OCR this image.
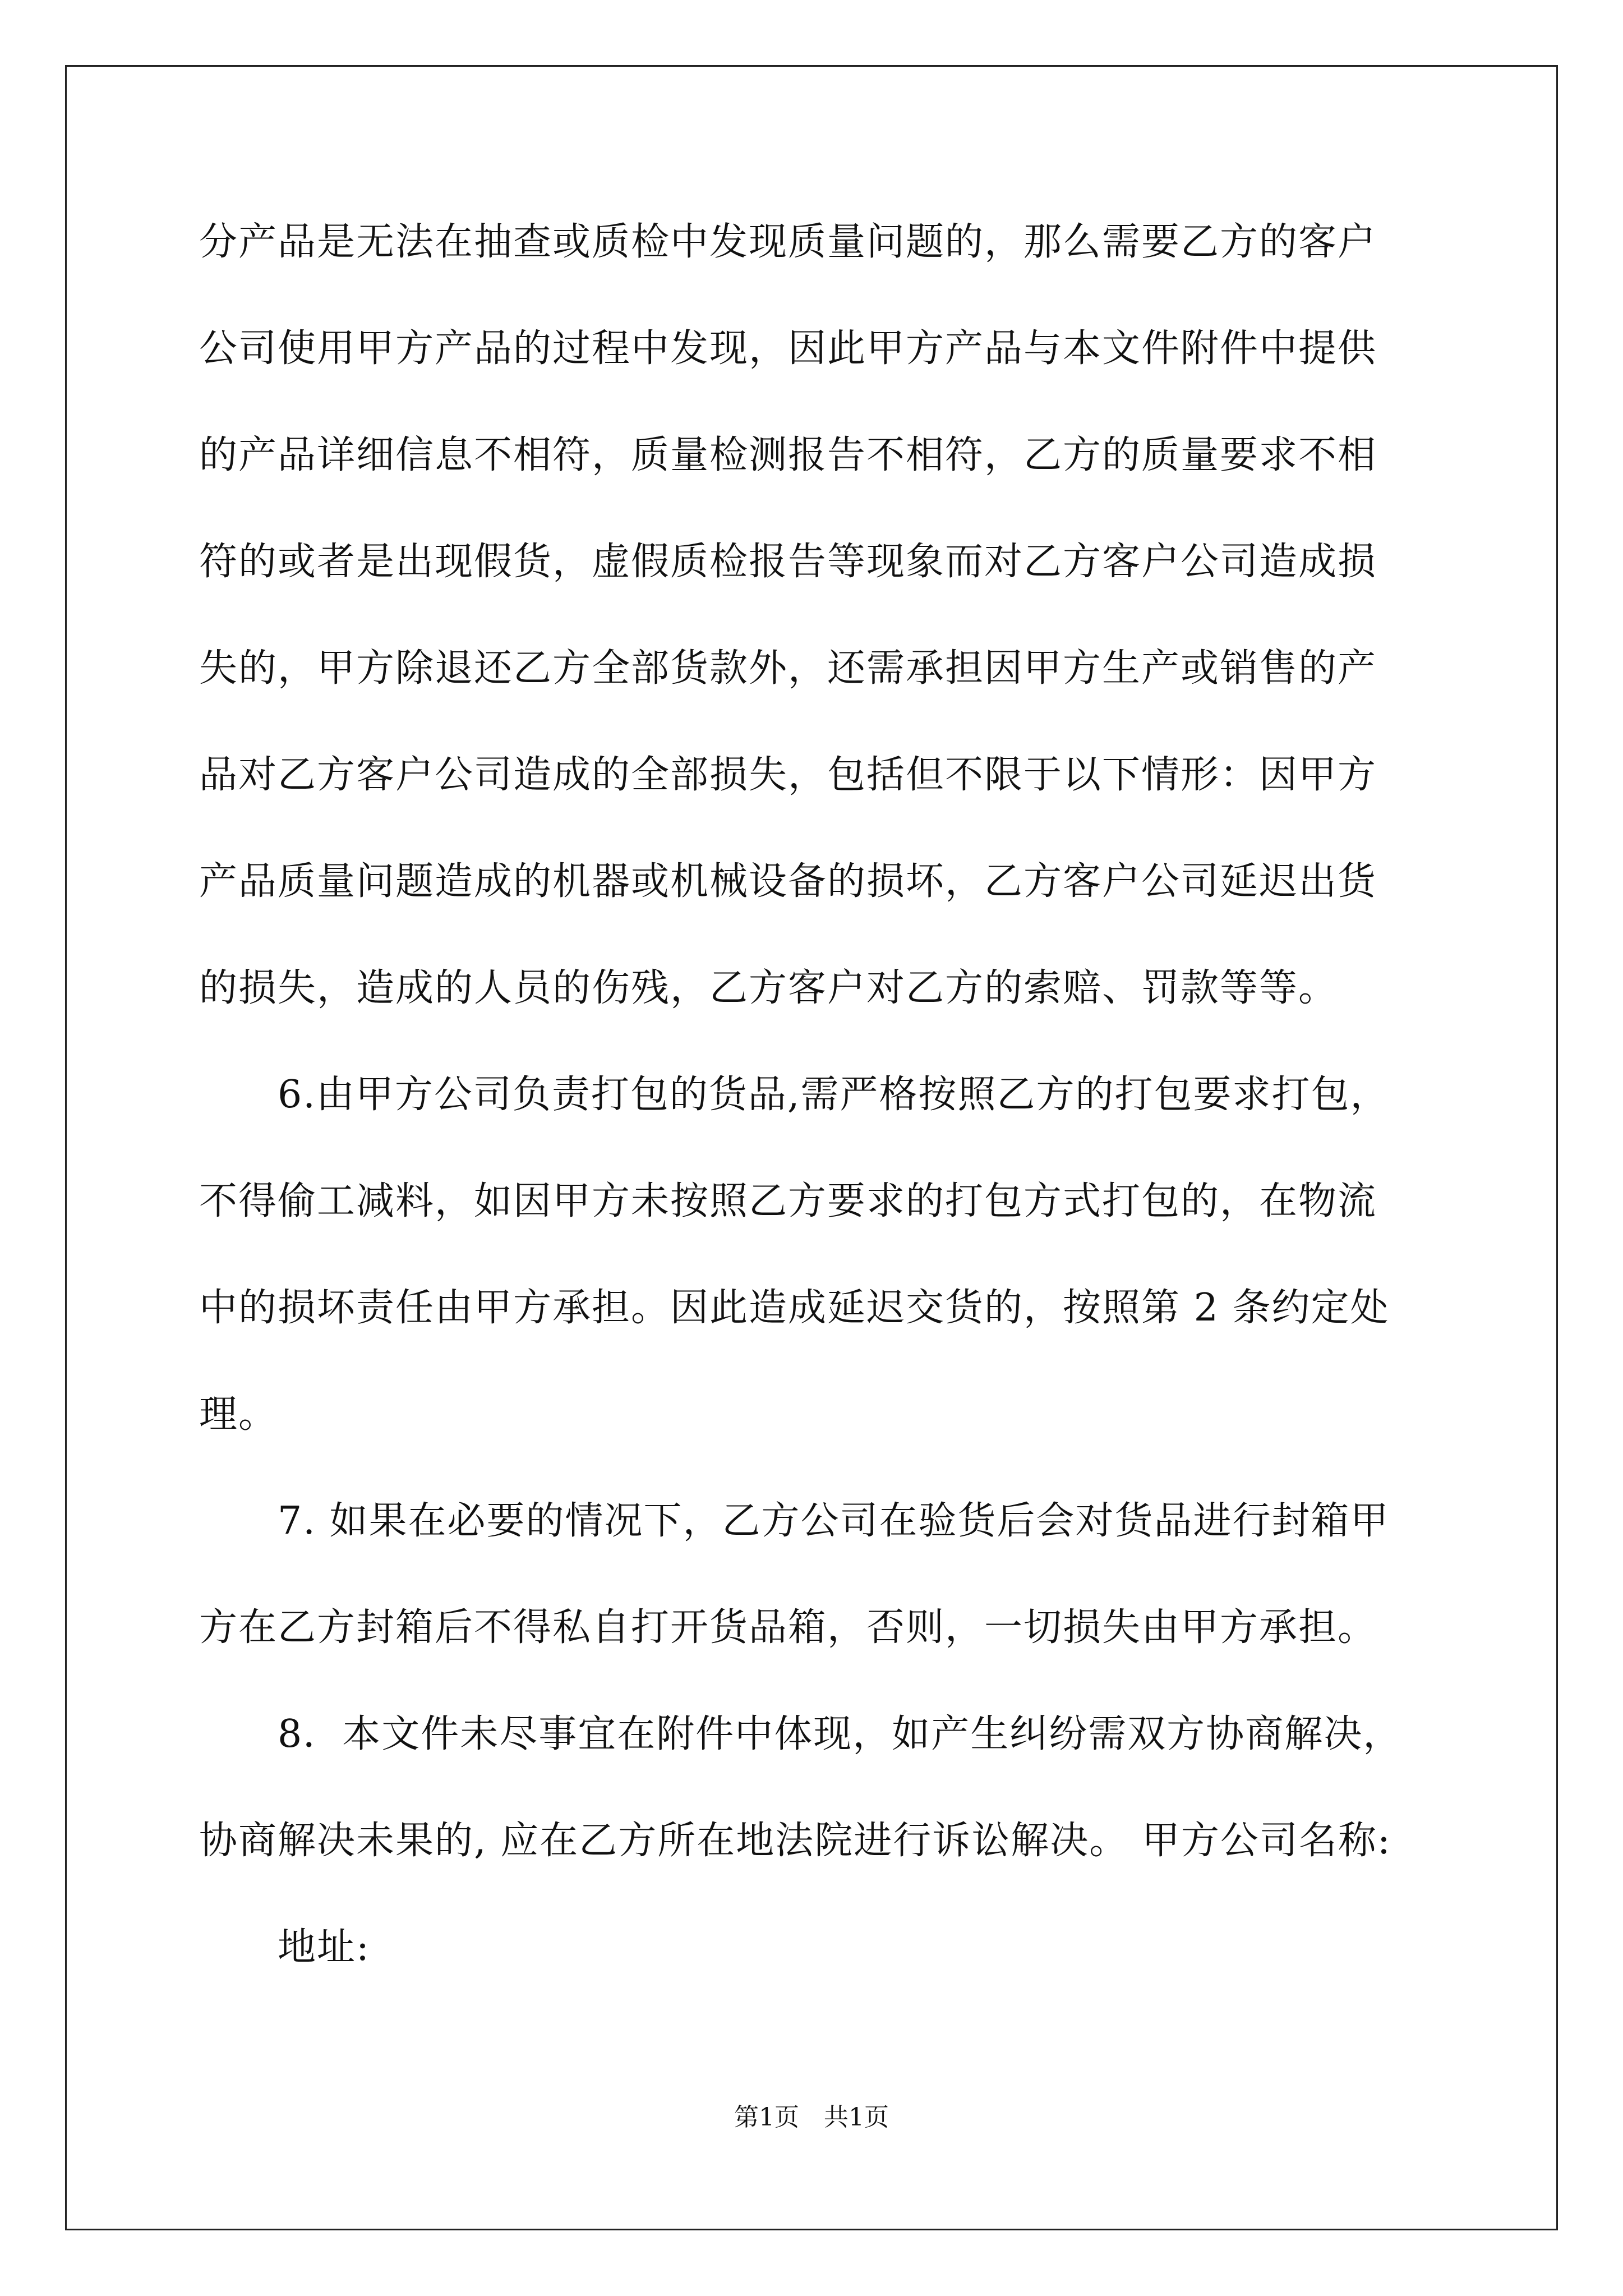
分产品是无法在抽查或质检中发现质量问题的，那么需要乙方的客户
公司使用甲方产品的过程中发现，因此甲方产品与本文件附件中提供
的产品详细信息不相符，质量检测报告不相符，乙方的质量要求不相
符的或者是出现假货，虚假质检报告等现象而对乙方客户公司造成损
失的，甲方除退还乙方全部货款外，还需承担因甲方生产或销售的产
品对乙方客户公司造成的全部损失，包括但不限于以下情形：因甲方
产品质量问题造成的机器或机械设备的损坏，乙方客户公司延迟出货
的损失，造成的人员的伤残，乙方客户对乙方的索赔、罚款等等。
6.由甲方公司负责打包的货品,需严格按照乙方的打包要求打包，
不得偷工减料，如因甲方未按照乙方要求的打包方式打包的，在物流
中的损坏责任由甲方承担。因此造成延迟交货的，按照第 2 条约定处
理。
7. 如果在必要的情况下，乙方公司在验货后会对货品进行封箱甲
方在乙方封箱后不得私自打开货品箱，否则，一切损失由甲方承担。
8．本文件未尽事宜在附件中体现，如产生纠纷需双方协商解决，
协商解决未果的, 应在乙方所在地法院进行诉讼解决。 甲方公司名称:
地址:
第1页　共1页
